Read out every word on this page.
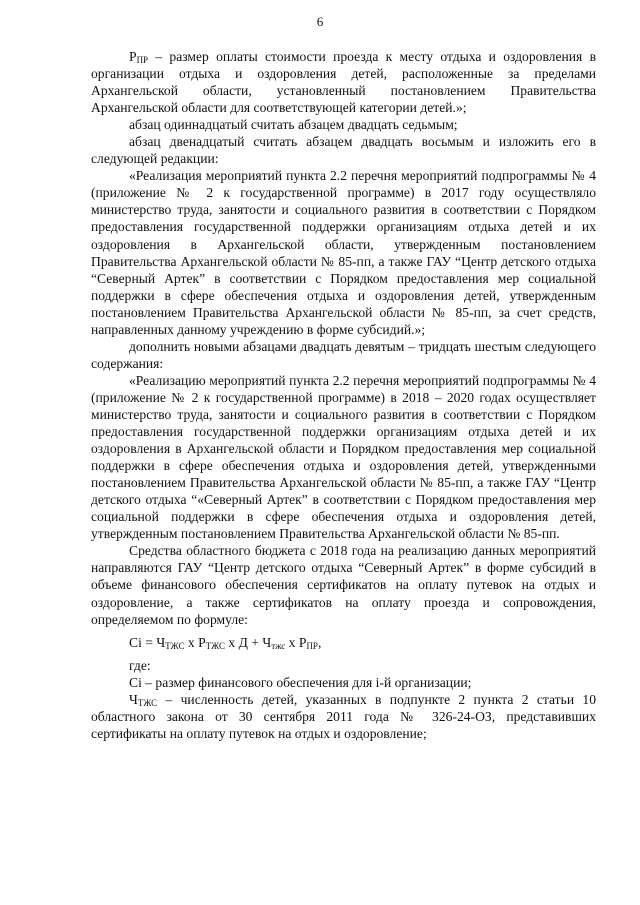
6

$Р_{ПР}$ – размер оплаты стоимости проезда к месту отдыха и оздоровления в организации отдыха и оздоровления детей, расположенные за пределами Архангельской области, установленный постановлением Правительства Архангельской области для соответствующей категории детей.»;

абзац одиннадцатый считать абзацем двадцать седьмым;

абзац двенадцатый считать абзацем двадцать восьмым и изложить его в следующей редакции:

«Реализация мероприятий пункта 2.2 перечня мероприятий подпрограммы № 4 (приложение № 2 к государственной программе) в 2017 году осуществляло министерство труда, занятости и социального развития в соответствии с Порядком предоставления государственной поддержки организациям отдыха детей и их оздоровления в Архангельской области, утвержденным постановлением Правительства Архангельской области № 85-пп, а также ГАУ “Центр детского отдыха “Северный Артек” в соответствии с Порядком предоставления мер социальной поддержки в сфере обеспечения отдыха и оздоровления детей, утвержденным постановлением Правительства Архангельской области № 85-пп, за счет средств, направленных данному учреждению в форме субсидий.»;

дополнить новыми абзацами двадцать девятым – тридцать шестым следующего содержания:

«Реализацию мероприятий пункта 2.2 перечня мероприятий подпрограммы № 4 (приложение № 2 к государственной программе) в 2018 – 2020 годах осуществляет министерство труда, занятости и социального развития в соответствии с Порядком предоставления государственной поддержки организациям отдыха детей и их оздоровления в Архангельской области и Порядком предоставления мер социальной поддержки в сфере обеспечения отдыха и оздоровления детей, утвержденными постановлением Правительства Архангельской области № 85-пп, а также ГАУ “Центр детского отдыха “«Северный Артек” в соответствии с Порядком предоставления мер социальной поддержки в сфере обеспечения отдыха и оздоровления детей, утвержденным постановлением Правительства Архангельской области № 85-пп.

Средства областного бюджета с 2018 года на реализацию данных мероприятий направляются ГАУ “Центр детского отдыха “Северный Артек” в форме субсидий в объеме финансового обеспечения сертификатов на оплату путевок на отдых и оздоровление, а также сертификатов на оплату проезда и сопровождения, определяемом по формуле:

$Ci = Ч_{ТЖС}$ х $Р_{ТЖС}$ х $Д + Ч_{тжс}$ х $Р_{ПР}$,

где:

Ci – размер финансового обеспечения для i-й организации;

$Ч_{ТЖС}$ – численность детей, указанных в подпункте 2 пункта 2 статьи 10 областного закона от 30 сентября 2011 года № 326-24-ОЗ, представивших сертификаты на оплату путевок на отдых и оздоровление;
